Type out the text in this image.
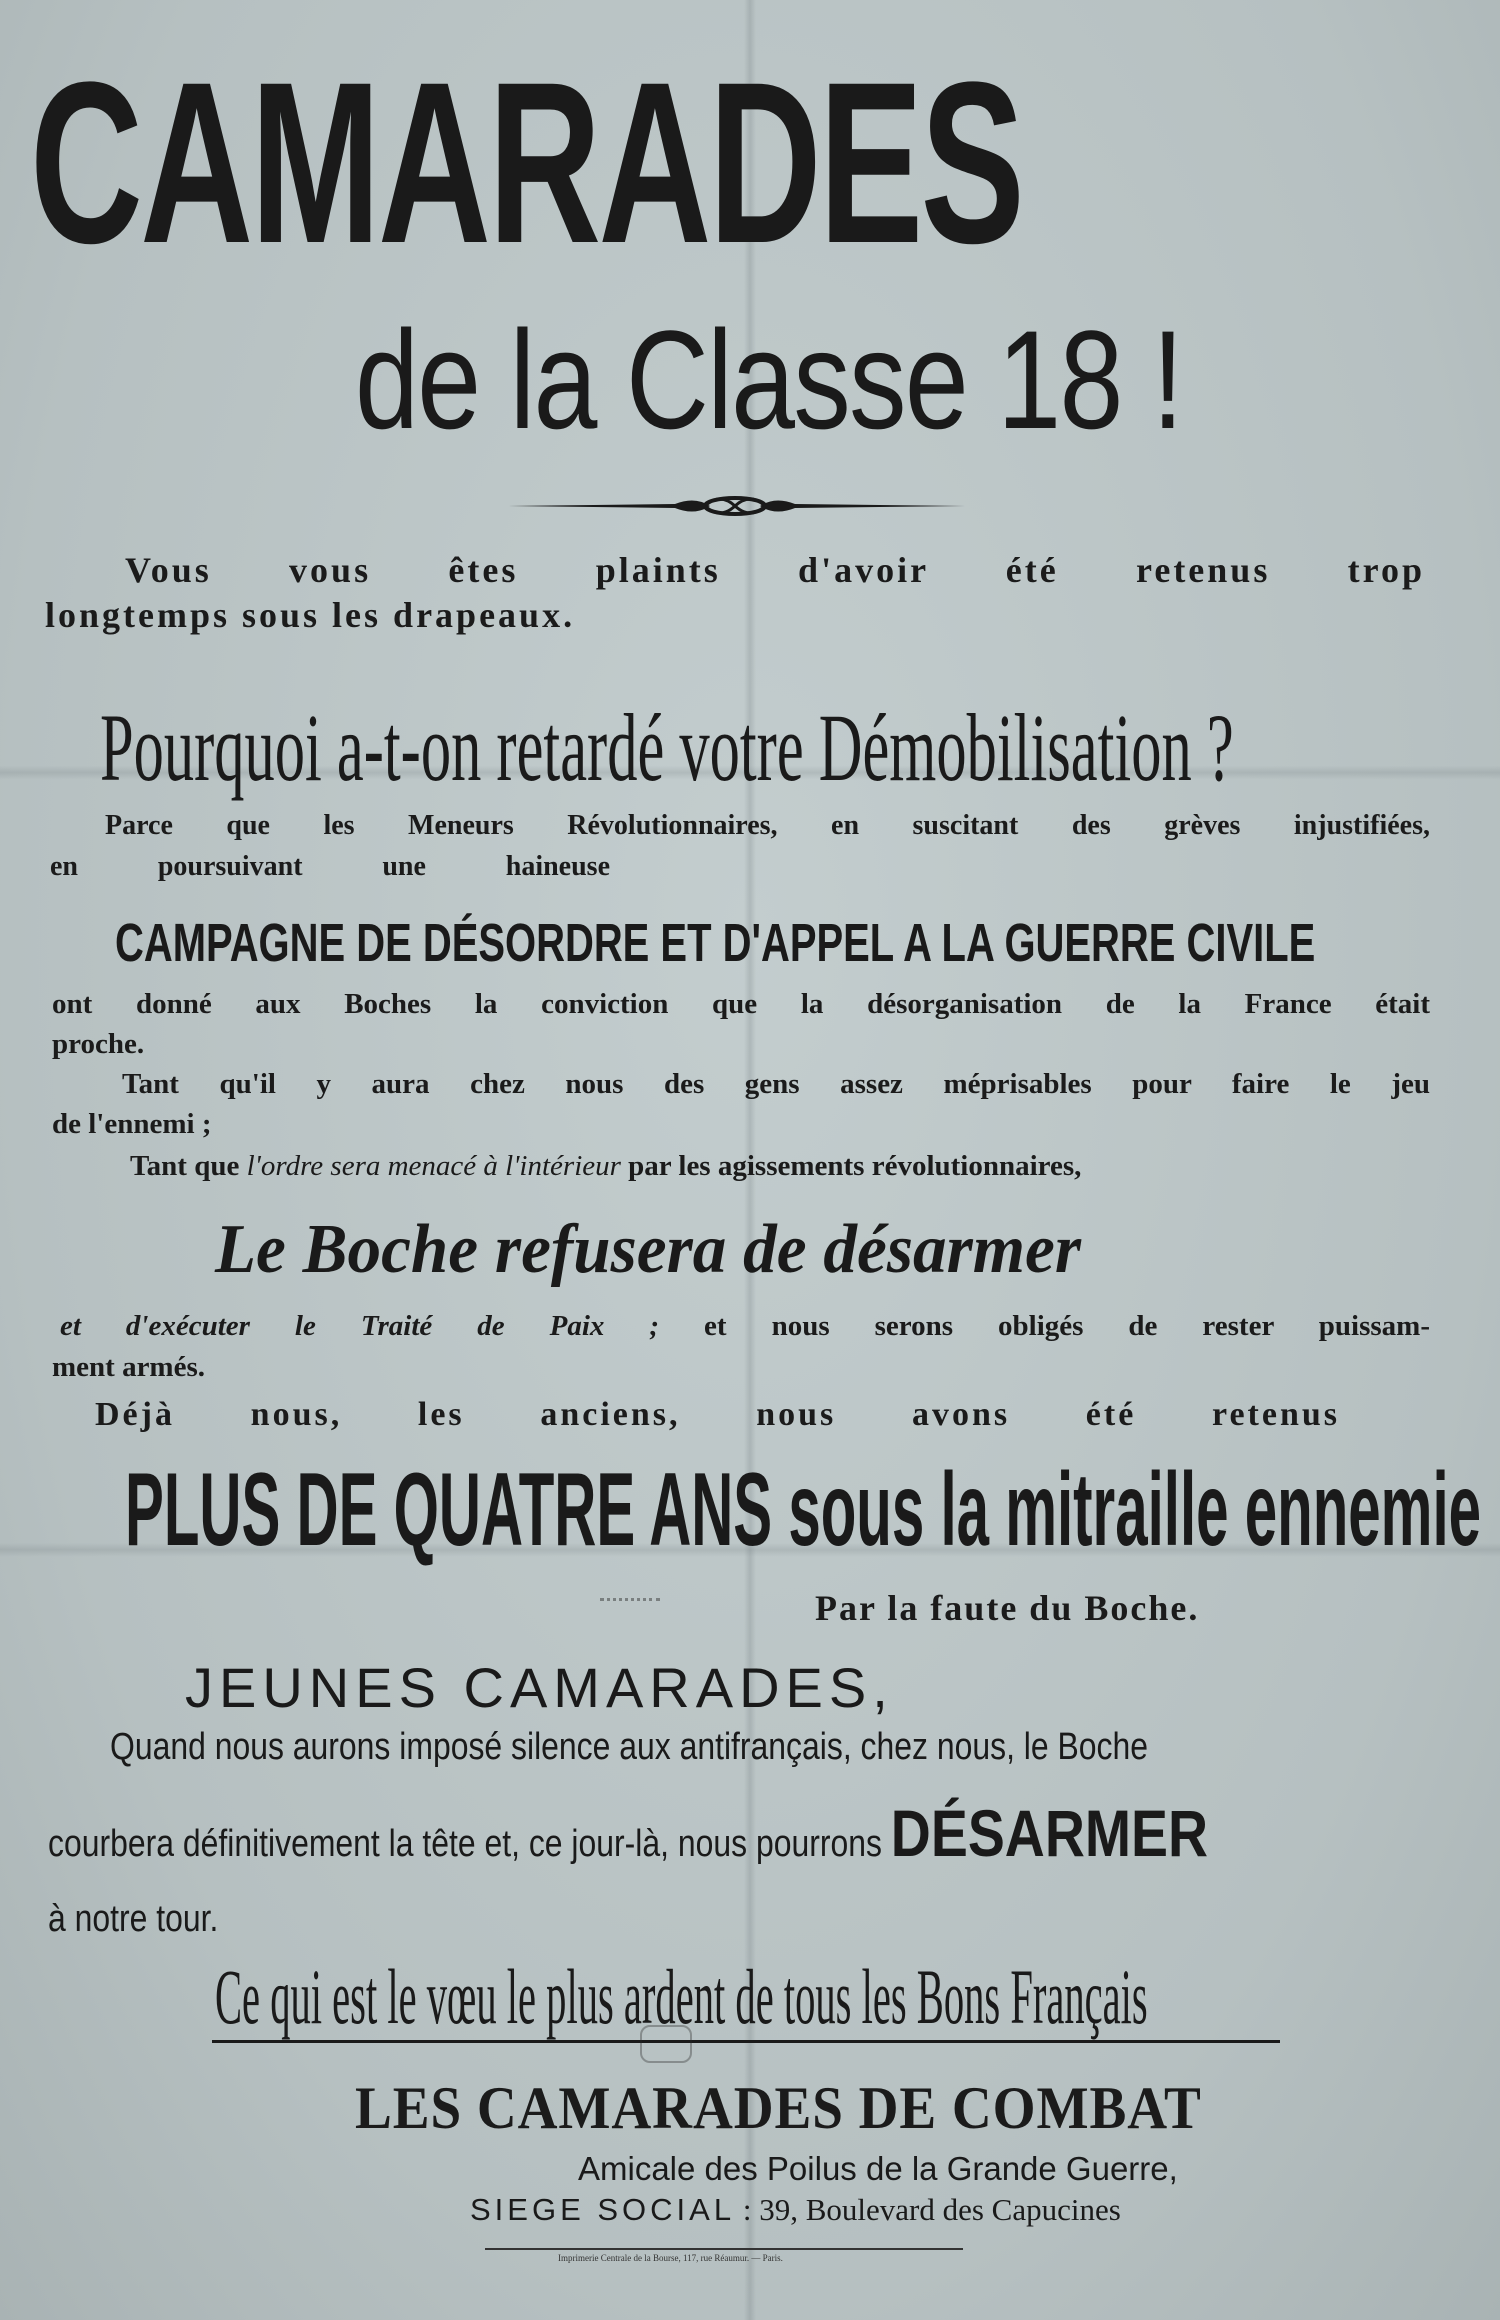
CAMARADES
de la Classe 18 !
Vous vous êtes plaints d'avoir été retenus trop
longtemps sous les drapeaux.
Pourquoi a-t-on retardé votre Démobilisation ?
Parce que les Meneurs Révolutionnaires, en suscitant des grèves injustifiées,
en poursuivant une haineuse
CAMPAGNE DE DÉSORDRE ET D'APPEL A LA GUERRE CIVILE
ont donné aux Boches la conviction que la désorganisation de la France était
proche.
Tant qu'il y aura chez nous des gens assez méprisables pour faire le jeu
de l'ennemi ;
Tant que l'ordre sera menacé à l'intérieur par les agissements révolutionnaires,
Le Boche refusera de désarmer
et d'exécuter le Traité de Paix ; et nous serons obligés de rester puissam-
ment armés.
Déjà nous, les anciens, nous avons été retenus
PLUS DE QUATRE ANS sous la mitraille ennemie
Par la faute du Boche.
JEUNES CAMARADES,
Quand nous aurons imposé silence aux antifrançais, chez nous, le Boche
courbera définitivement la tête et, ce jour-là, nous pourrons DÉSARMER
à notre tour.
Ce qui est le vœu le plus ardent de tous les Bons Français
LES CAMARADES DE COMBAT
Amicale des Poilus de la Grande Guerre,
SIEGE SOCIAL : 39, Boulevard des Capucines
Imprimerie Centrale de la Bourse, 117, rue Réaumur. — Paris.
